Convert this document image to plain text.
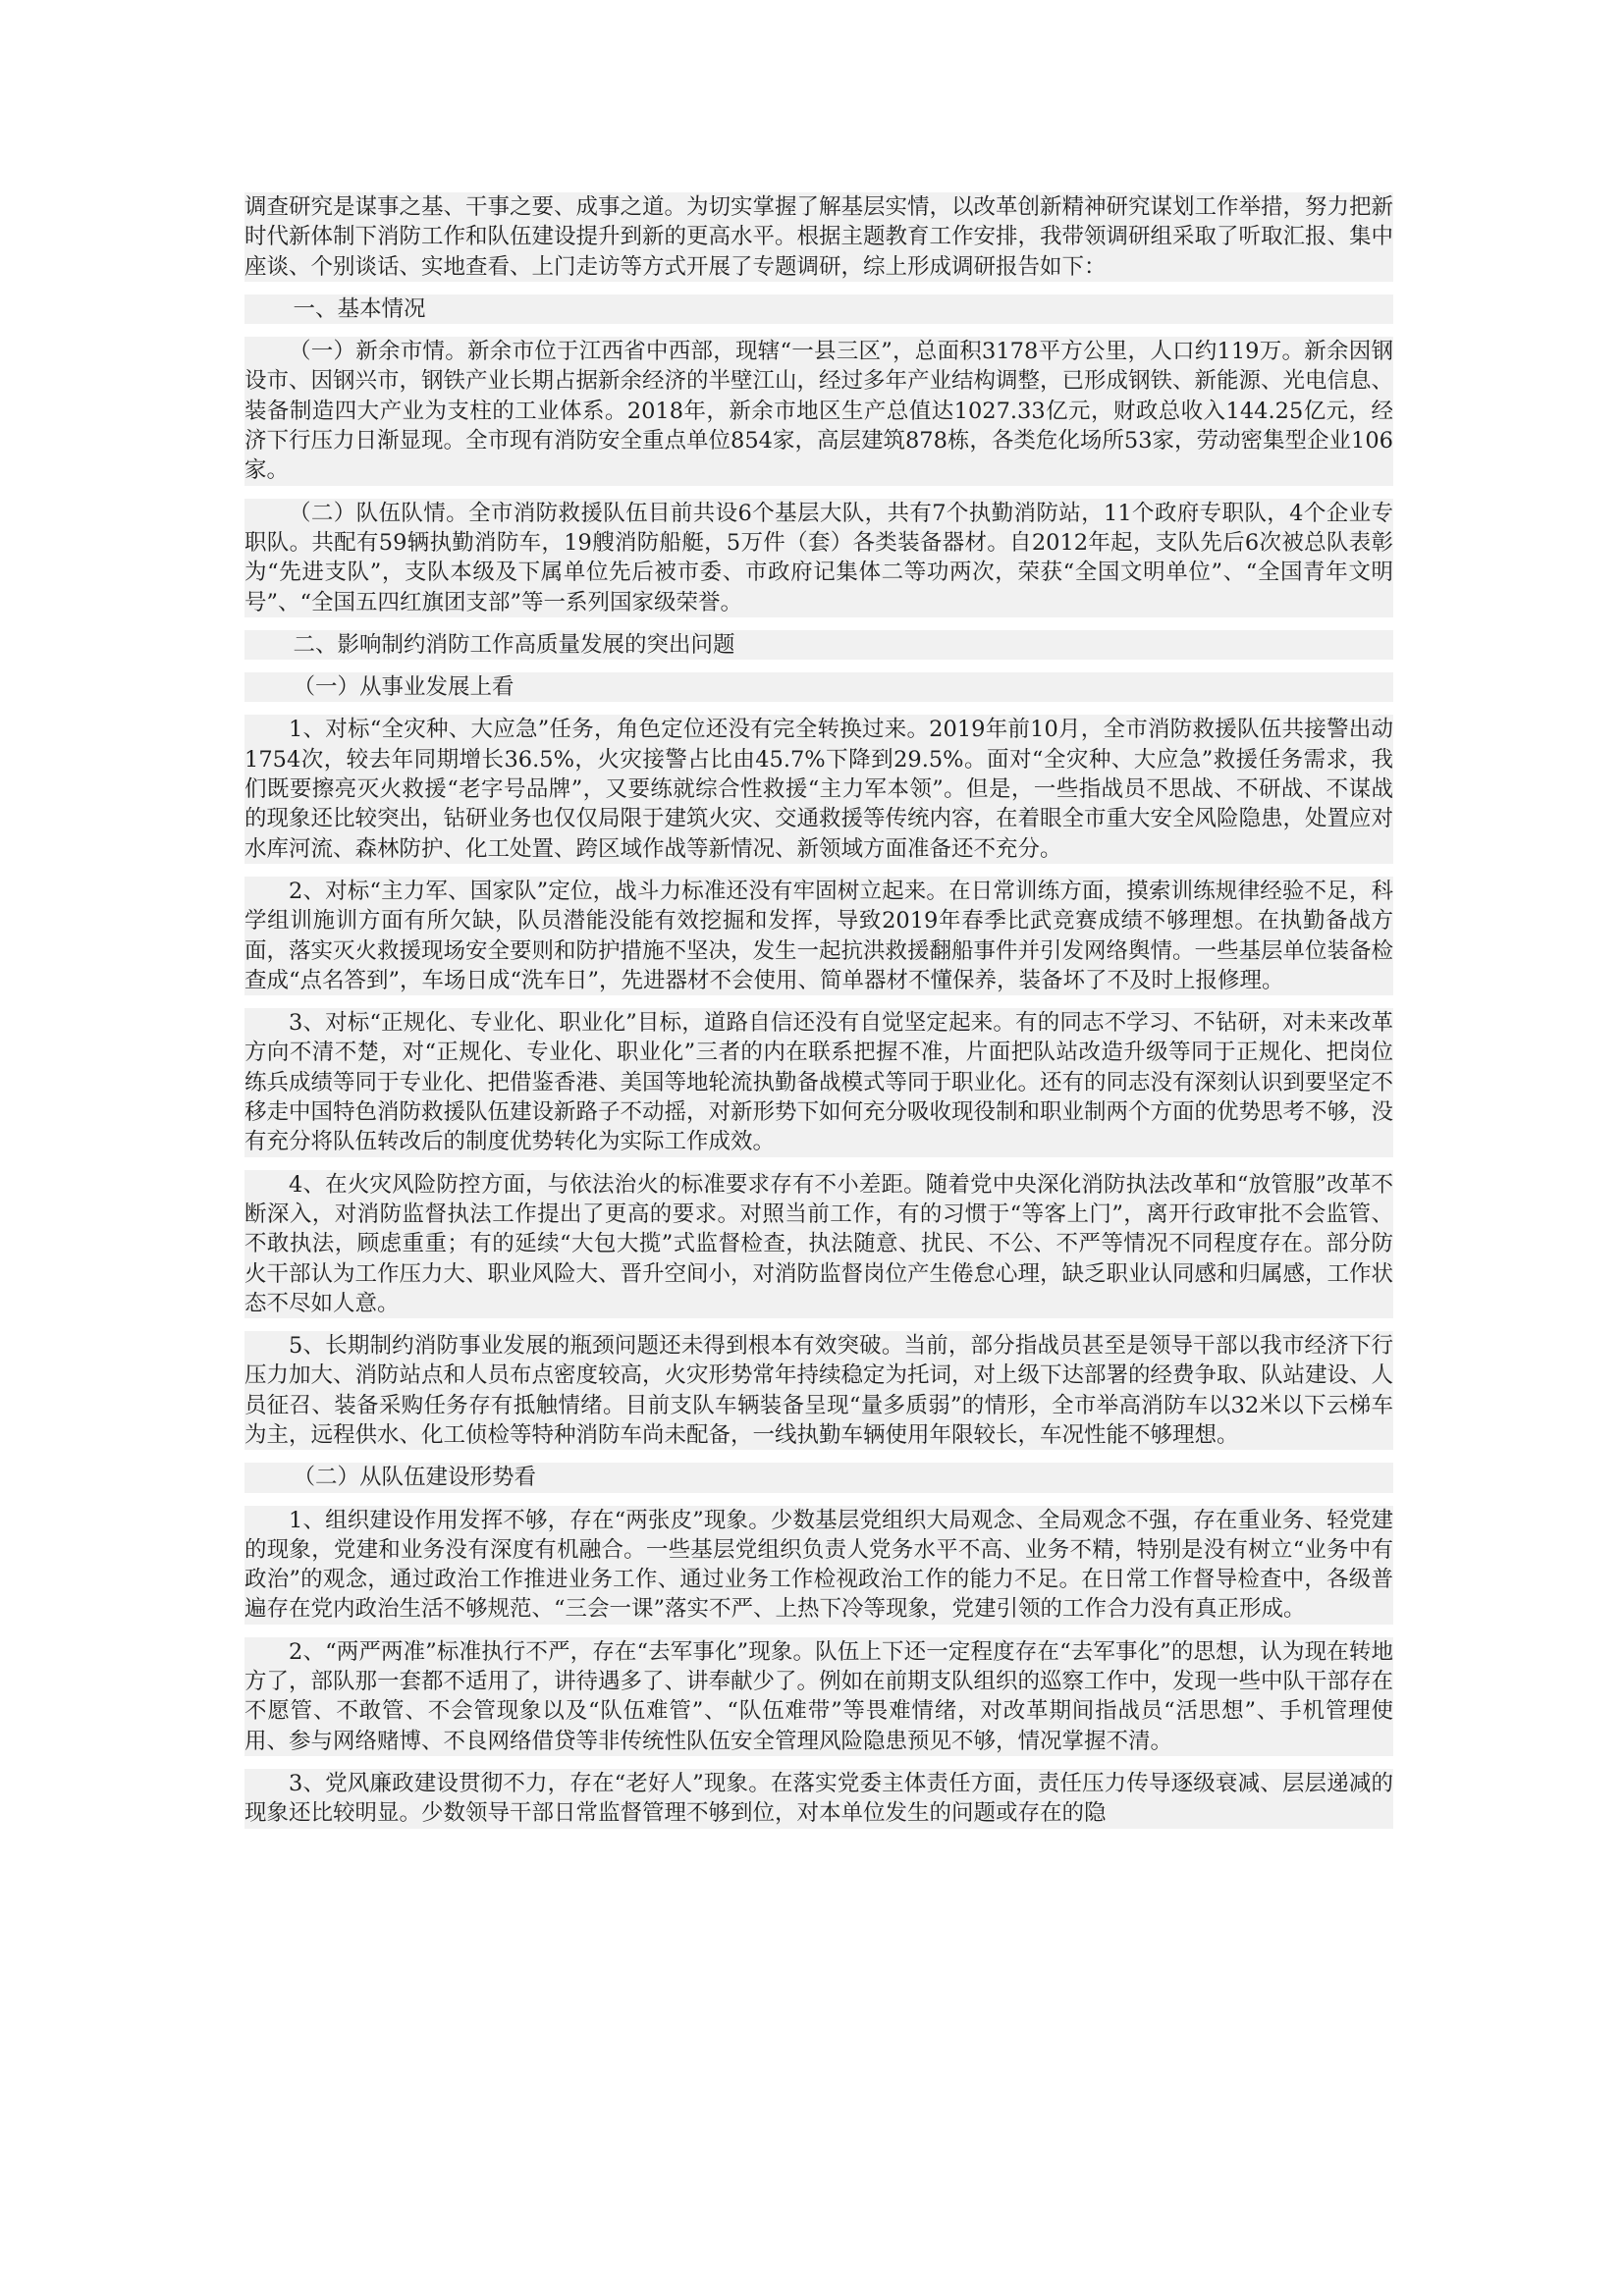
调查研究是谋事之基、干事之要、成事之道。为切实掌握了解基层实情，以改革创新精神研究谋划工作举措，努力把新时代新体制下消防工作和队伍建设提升到新的更高水平。根据主题教育工作安排，我带领调研组采取了听取汇报、集中座谈、个别谈话、实地查看、上门走访等方式开展了专题调研，综上形成调研报告如下：

一、基本情况

（一）新余市情。新余市位于江西省中西部，现辖“一县三区”，总面积3178平方公里，人口约119万。新余因钢设市、因钢兴市，钢铁产业长期占据新余经济的半壁江山，经过多年产业结构调整，已形成钢铁、新能源、光电信息、装备制造四大产业为支柱的工业体系。2018年，新余市地区生产总值达1027.33亿元，财政总收入144.25亿元，经济下行压力日渐显现。全市现有消防安全重点单位854家，高层建筑878栋，各类危化场所53家，劳动密集型企业106家。

（二）队伍队情。全市消防救援队伍目前共设6个基层大队，共有7个执勤消防站，11个政府专职队，4个企业专职队。共配有59辆执勤消防车，19艘消防船艇，5万件（套）各类装备器材。自2012年起，支队先后6次被总队表彰为“先进支队”，支队本级及下属单位先后被市委、市政府记集体二等功两次，荣获“全国文明单位”、“全国青年文明号”、“全国五四红旗团支部”等一系列国家级荣誉。

二、影响制约消防工作高质量发展的突出问题

（一）从事业发展上看

1、对标“全灾种、大应急”任务，角色定位还没有完全转换过来。2019年前10月，全市消防救援队伍共接警出动1754次，较去年同期增长36.5%，火灾接警占比由45.7%下降到29.5%。面对“全灾种、大应急”救援任务需求，我们既要擦亮灭火救援“老字号品牌”，又要练就综合性救援“主力军本领”。但是，一些指战员不思战、不研战、不谋战的现象还比较突出，钻研业务也仅仅局限于建筑火灾、交通救援等传统内容，在着眼全市重大安全风险隐患，处置应对水库河流、森林防护、化工处置、跨区域作战等新情况、新领域方面准备还不充分。

2、对标“主力军、国家队”定位，战斗力标准还没有牢固树立起来。在日常训练方面，摸索训练规律经验不足，科学组训施训方面有所欠缺，队员潜能没能有效挖掘和发挥，导致2019年春季比武竞赛成绩不够理想。在执勤备战方面，落实灭火救援现场安全要则和防护措施不坚决，发生一起抗洪救援翻船事件并引发网络舆情。一些基层单位装备检查成“点名答到”，车场日成“洗车日”，先进器材不会使用、简单器材不懂保养，装备坏了不及时上报修理。

3、对标“正规化、专业化、职业化”目标，道路自信还没有自觉坚定起来。有的同志不学习、不钻研，对未来改革方向不清不楚，对“正规化、专业化、职业化”三者的内在联系把握不准，片面把队站改造升级等同于正规化、把岗位练兵成绩等同于专业化、把借鉴香港、美国等地轮流执勤备战模式等同于职业化。还有的同志没有深刻认识到要坚定不移走中国特色消防救援队伍建设新路子不动摇，对新形势下如何充分吸收现役制和职业制两个方面的优势思考不够，没有充分将队伍转改后的制度优势转化为实际工作成效。

4、在火灾风险防控方面，与依法治火的标准要求存有不小差距。随着党中央深化消防执法改革和“放管服”改革不断深入，对消防监督执法工作提出了更高的要求。对照当前工作，有的习惯于“等客上门”，离开行政审批不会监管、不敢执法，顾虑重重；有的延续“大包大揽”式监督检查，执法随意、扰民、不公、不严等情况不同程度存在。部分防火干部认为工作压力大、职业风险大、晋升空间小，对消防监督岗位产生倦怠心理，缺乏职业认同感和归属感，工作状态不尽如人意。

5、长期制约消防事业发展的瓶颈问题还未得到根本有效突破。当前，部分指战员甚至是领导干部以我市经济下行压力加大、消防站点和人员布点密度较高，火灾形势常年持续稳定为托词，对上级下达部署的经费争取、队站建设、人员征召、装备采购任务存有抵触情绪。目前支队车辆装备呈现“量多质弱”的情形，全市举高消防车以32米以下云梯车为主，远程供水、化工侦检等特种消防车尚未配备，一线执勤车辆使用年限较长，车况性能不够理想。

（二）从队伍建设形势看

1、组织建设作用发挥不够，存在“两张皮”现象。少数基层党组织大局观念、全局观念不强，存在重业务、轻党建的现象，党建和业务没有深度有机融合。一些基层党组织负责人党务水平不高、业务不精，特别是没有树立“业务中有政治”的观念，通过政治工作推进业务工作、通过业务工作检视政治工作的能力不足。在日常工作督导检查中，各级普遍存在党内政治生活不够规范、“三会一课”落实不严、上热下冷等现象，党建引领的工作合力没有真正形成。

2、“两严两准”标准执行不严，存在“去军事化”现象。队伍上下还一定程度存在“去军事化”的思想，认为现在转地方了，部队那一套都不适用了，讲待遇多了、讲奉献少了。例如在前期支队组织的巡察工作中，发现一些中队干部存在不愿管、不敢管、不会管现象以及“队伍难管”、“队伍难带”等畏难情绪，对改革期间指战员“活思想”、手机管理使用、参与网络赌博、不良网络借贷等非传统性队伍安全管理风险隐患预见不够，情况掌握不清。

3、党风廉政建设贯彻不力，存在“老好人”现象。在落实党委主体责任方面，责任压力传导逐级衰减、层层递减的现象还比较明显。少数领导干部日常监督管理不够到位，对本单位发生的问题或存在的隐
